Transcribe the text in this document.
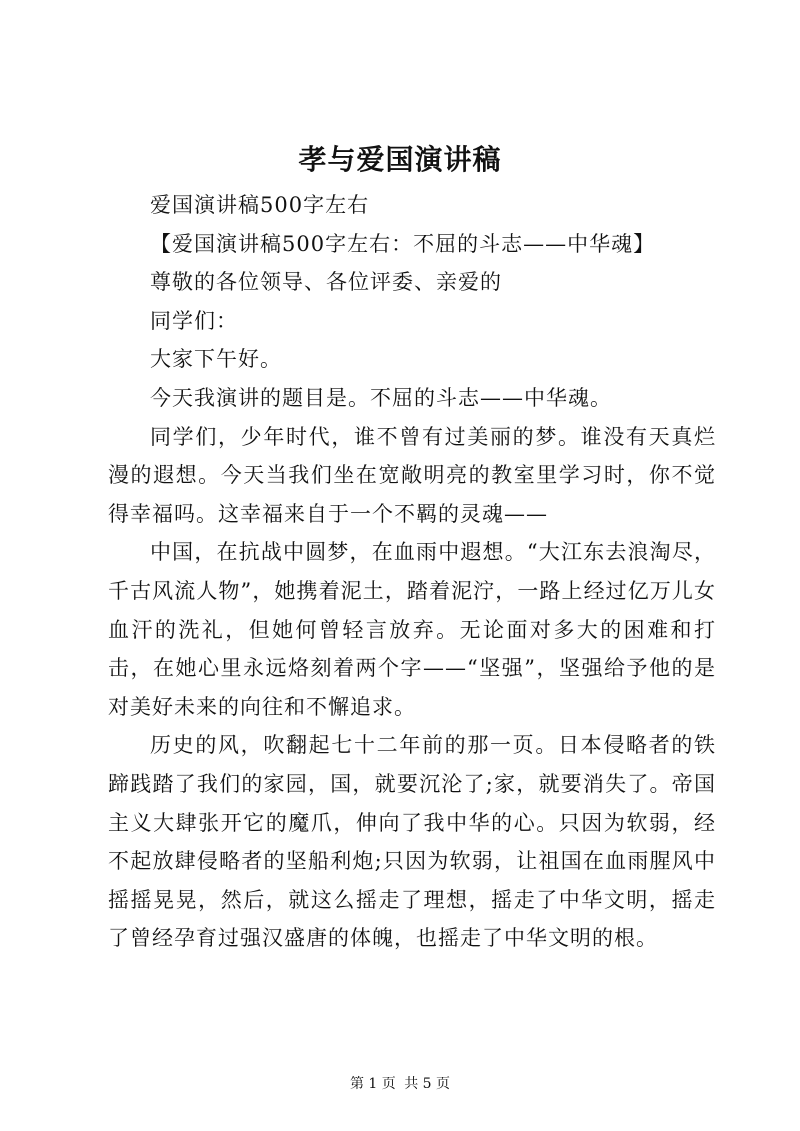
孝与爱国演讲稿

爱国演讲稿500字左右

【爱国演讲稿500字左右：不屈的斗志——中华魂】

尊敬的各位领导、各位评委、亲爱的

同学们：

大家下午好。

今天我演讲的题目是。不屈的斗志——中华魂。

同学们，少年时代，谁不曾有过美丽的梦。谁没有天真烂漫的遐想。今天当我们坐在宽敞明亮的教室里学习时，你不觉得幸福吗。这幸福来自于一个不羁的灵魂——

中国，在抗战中圆梦，在血雨中遐想。“大江东去浪淘尽，千古风流人物”，她携着泥土，踏着泥泞，一路上经过亿万儿女血汗的洗礼，但她何曾轻言放弃。无论面对多大的困难和打击，在她心里永远烙刻着两个字——“坚强”，坚强给予他的是对美好未来的向往和不懈追求。

历史的风，吹翻起七十二年前的那一页。日本侵略者的铁蹄践踏了我们的家园，国，就要沉沦了;家，就要消失了。帝国主义大肆张开它的魔爪，伸向了我中华的心。只因为软弱，经不起放肆侵略者的坚船利炮;只因为软弱，让祖国在血雨腥风中摇摇晃晃，然后，就这么摇走了理想，摇走了中华文明，摇走了曾经孕育过强汉盛唐的体魄，也摇走了中华文明的根。

第 1 页 共 5 页
